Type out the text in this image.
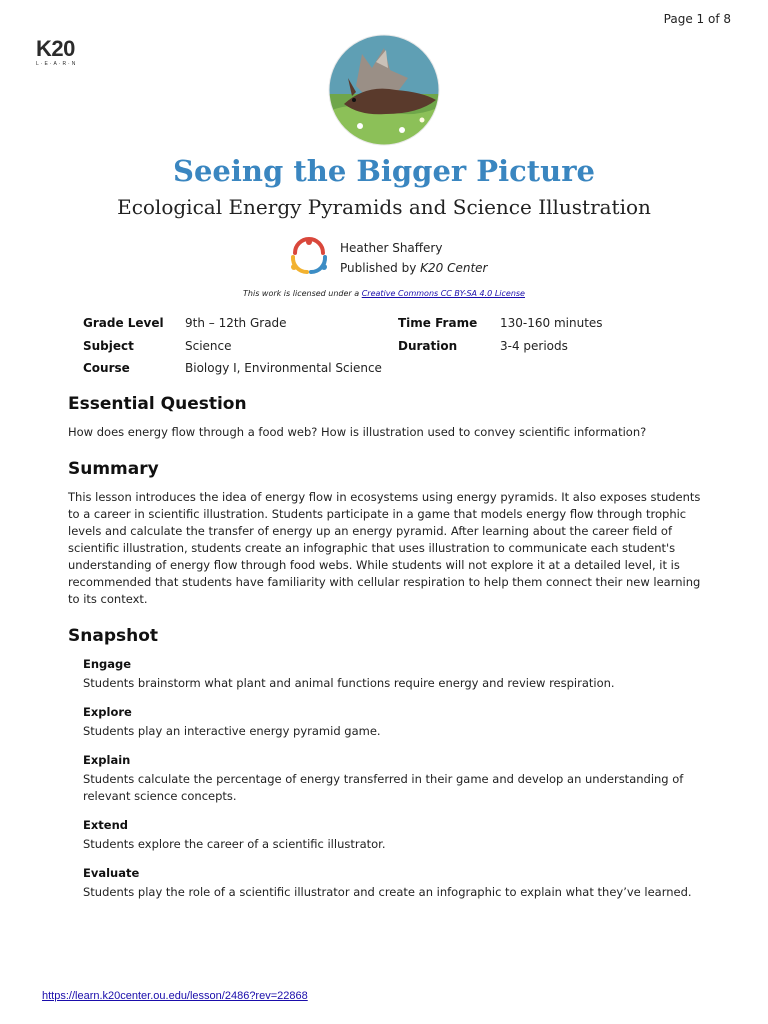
Page 1 of 8
K20
L·E·A·R·N
Seeing the Bigger Picture
Ecological Energy Pyramids and Science Illustration
Heather Shaffery
Published by K20 Center
This work is licensed under a Creative Commons CC BY-SA 4.0 License
Grade Level
Subject
Course
9th – 12th Grade
Science
Biology I, Environmental Science
Time Frame
Duration
130-160 minutes
3-4 periods
Essential Question

How does energy flow through a food web? How is illustration used to convey scientific information?

Summary

This lesson introduces the idea of energy flow in ecosystems using energy pyramids. It also exposes students to a career in scientific illustration. Students participate in a game that models energy flow through trophic levels and calculate the transfer of energy up an energy pyramid. After learning about the career field of scientific illustration, students create an infographic that uses illustration to communicate each student's understanding of energy flow through food webs. While students will not explore it at a detailed level, it is recommended that students have familiarity with cellular respiration to help them connect their new learning to its context.

Snapshot
Engage
Students brainstorm what plant and animal functions require energy and review respiration.
Explore
Students play an interactive energy pyramid game.
Explain
Students calculate the percentage of energy transferred in their game and develop an understanding of relevant science concepts.
Extend
Students explore the career of a scientific illustrator.
Evaluate
Students play the role of a scientific illustrator and create an infographic to explain what they’ve learned.
https://learn.k20center.ou.edu/lesson/2486?rev=22868
